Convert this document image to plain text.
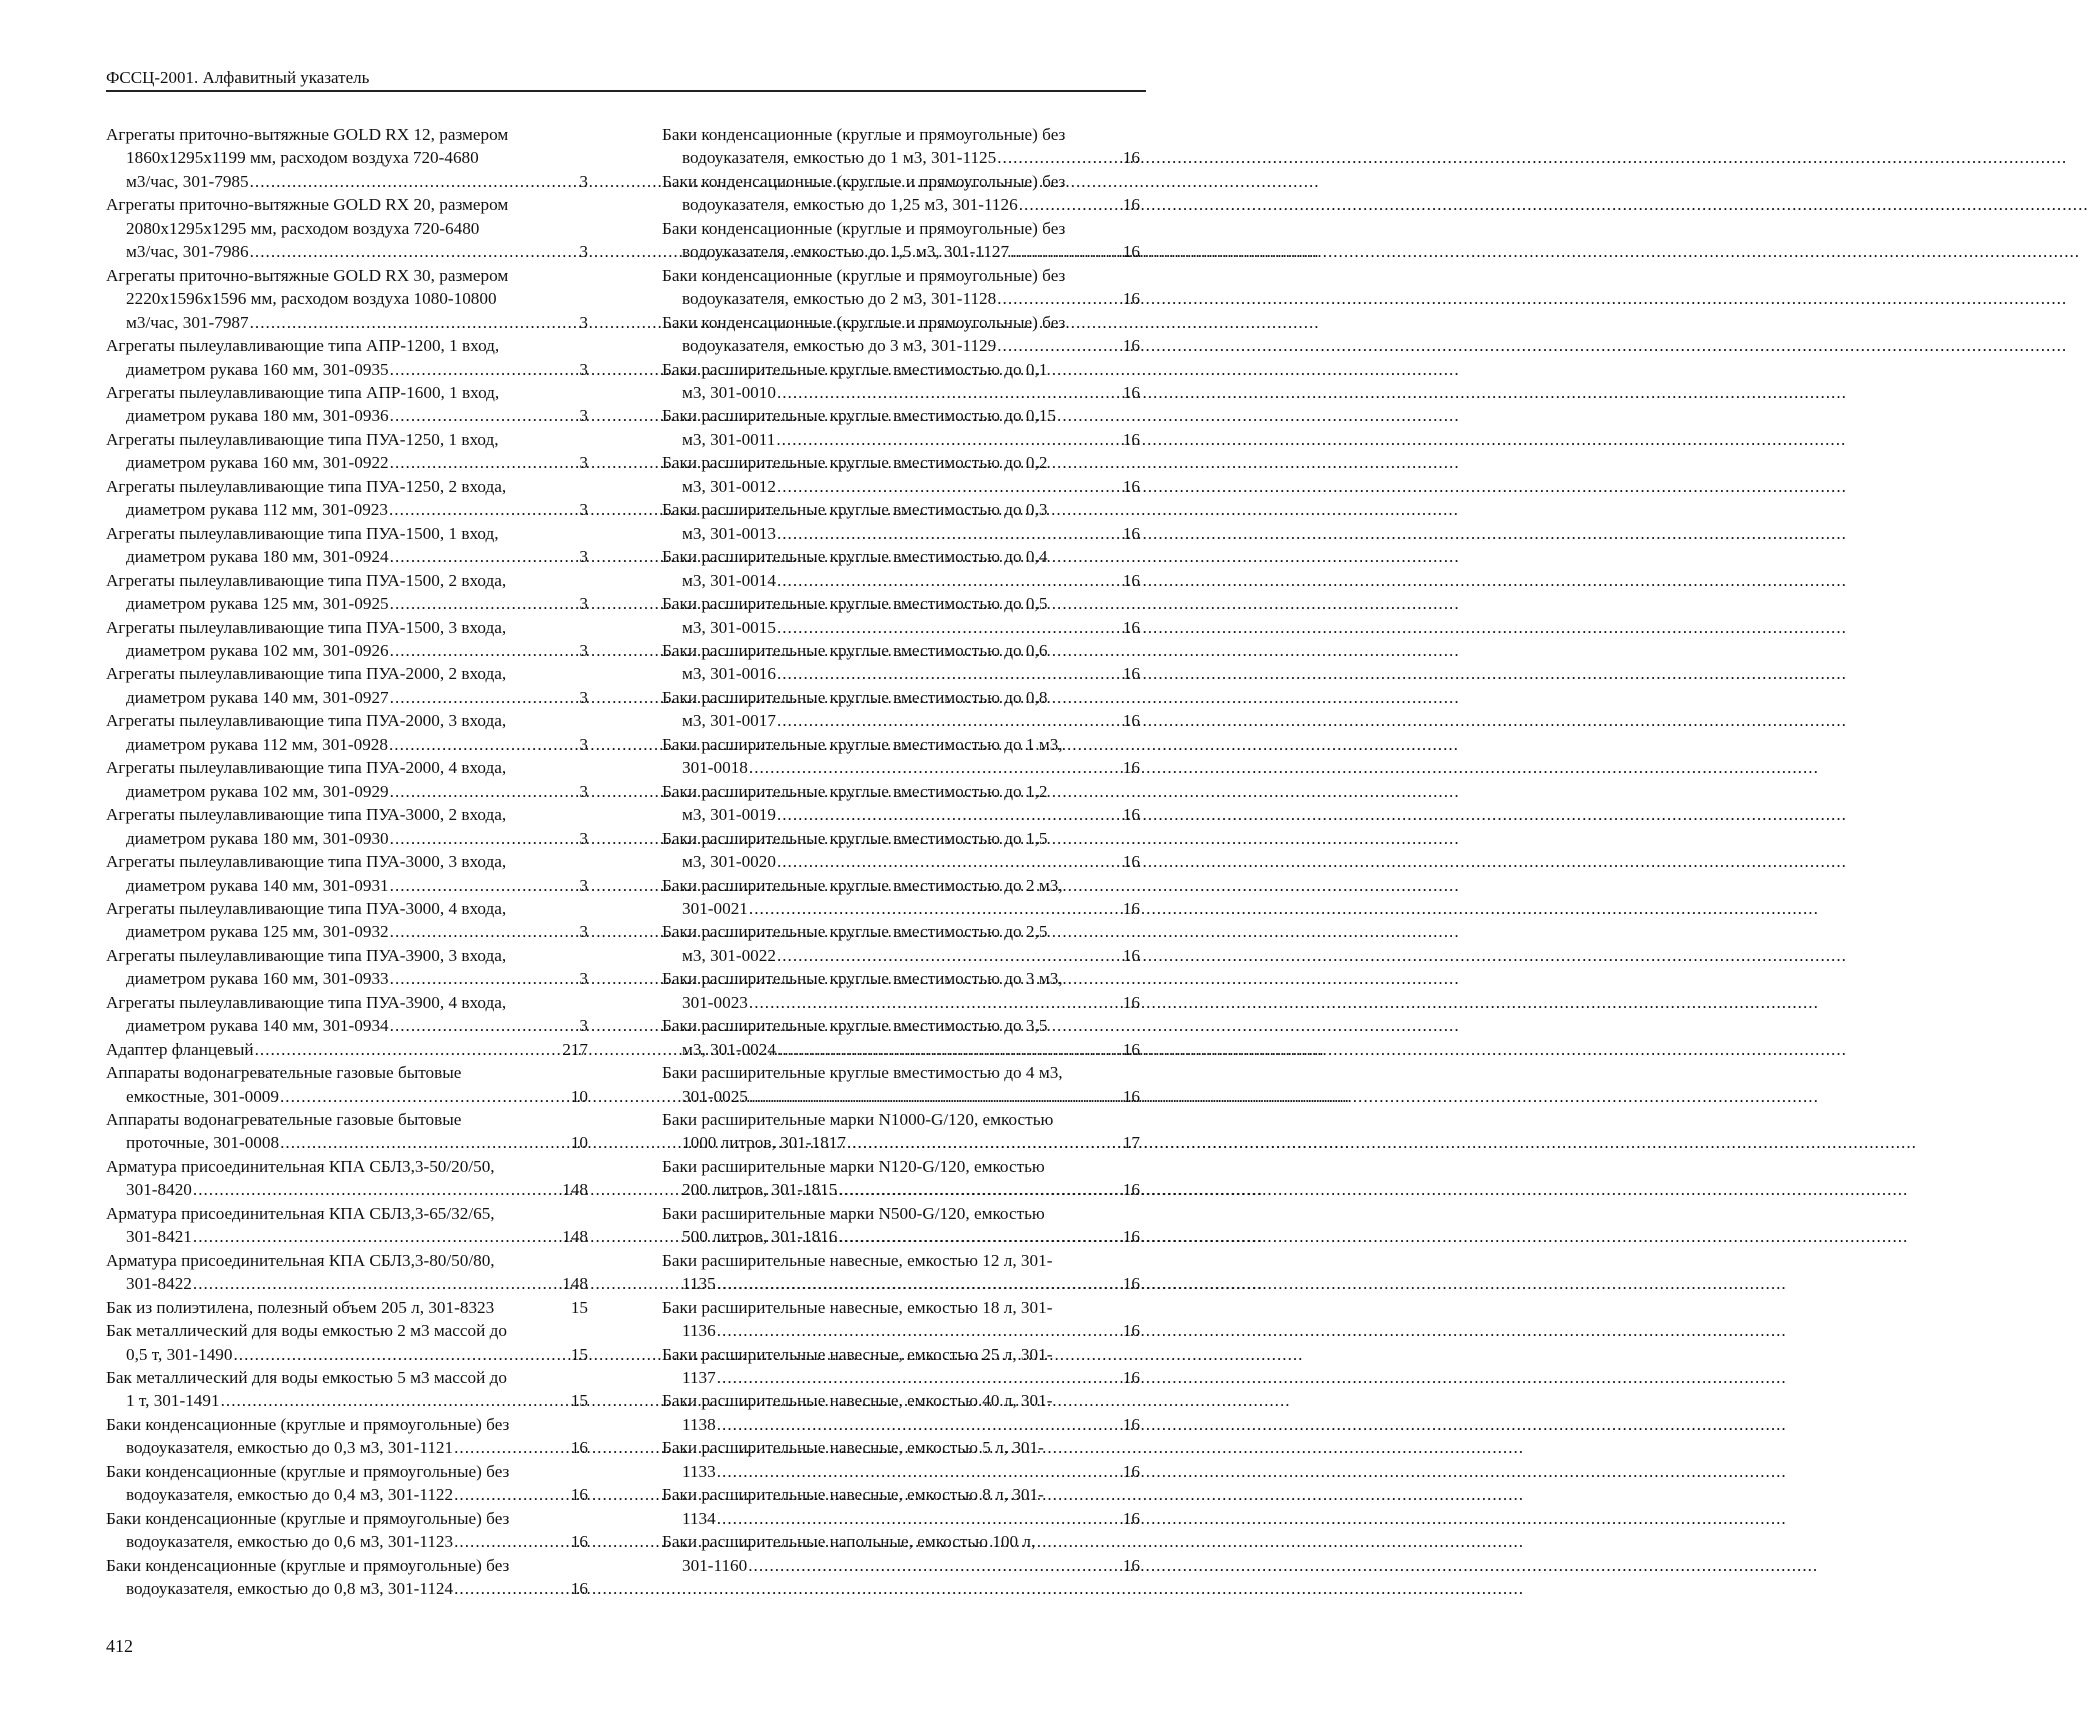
ФССЦ-2001. Алфавитный указатель
Агрегаты приточно-вытяжные GOLD RX 12, размером
1860x1295x1199 мм, расходом воздуха 720-4680
м3/час, 301-7985 .....	3
Агрегаты приточно-вытяжные GOLD RX 20, размером
2080x1295x1295 мм, расходом воздуха 720-6480
м3/час, 301-7986 .....	3
Агрегаты приточно-вытяжные GOLD RX 30, размером
2220x1596x1596 мм, расходом воздуха 1080-10800
м3/час, 301-7987 .....	3
Агрегаты пылеулавливающие типа АПР-1200, 1 вход,
диаметром рукава 160 мм, 301-0935 .....	3
Агрегаты пылеулавливающие типа АПР-1600, 1 вход,
диаметром рукава 180 мм, 301-0936 .....	3
Агрегаты пылеулавливающие типа ПУА-1250, 1 вход,
диаметром рукава 160 мм, 301-0922 .....	3
Агрегаты пылеулавливающие типа ПУА-1250, 2 входа,
диаметром рукава 112 мм, 301-0923 .....	3
Агрегаты пылеулавливающие типа ПУА-1500, 1 вход,
диаметром рукава 180 мм, 301-0924 .....	3
Агрегаты пылеулавливающие типа ПУА-1500, 2 входа,
диаметром рукава 125 мм, 301-0925 .....	3
Агрегаты пылеулавливающие типа ПУА-1500, 3 входа,
диаметром рукава 102 мм, 301-0926 .....	3
Агрегаты пылеулавливающие типа ПУА-2000, 2 входа,
диаметром рукава 140 мм, 301-0927 .....	3
Агрегаты пылеулавливающие типа ПУА-2000, 3 входа,
диаметром рукава 112 мм, 301-0928 .....	3
Агрегаты пылеулавливающие типа ПУА-2000, 4 входа,
диаметром рукава 102 мм, 301-0929 .....	3
Агрегаты пылеулавливающие типа ПУА-3000, 2 входа,
диаметром рукава 180 мм, 301-0930 .....	3
Агрегаты пылеулавливающие типа ПУА-3000, 3 входа,
диаметром рукава 140 мм, 301-0931 .....	3
Агрегаты пылеулавливающие типа ПУА-3000, 4 входа,
диаметром рукава 125 мм, 301-0932 .....	3
Агрегаты пылеулавливающие типа ПУА-3900, 3 входа,
диаметром рукава 160 мм, 301-0933 .....	3
Агрегаты пылеулавливающие типа ПУА-3900, 4 входа,
диаметром рукава 140 мм, 301-0934 .....	3
Адаптер фланцевый .....	217
Аппараты водонагревательные газовые бытовые
емкостные, 301-0009 .....	10
Аппараты водонагревательные газовые бытовые
проточные, 301-0008 .....	10
Арматура присоединительная КПА СБЛ3,3-50/20/50,
301-8420 .....	148
Арматура присоединительная КПА СБЛ3,3-65/32/65,
301-8421 .....	148
Арматура присоединительная КПА СБЛ3,3-80/50/80,
301-8422 .....	148
Бак из полиэтилена, полезный объем 205 л, 301-8323	15
Бак металлический для воды емкостью 2 м3 массой до
0,5 т, 301-1490 .....	15
Бак металлический для воды емкостью 5 м3 массой до
1 т, 301-1491 .....	15
Баки конденсационные (круглые и прямоугольные) без
водоуказателя, емкостью до 0,3 м3, 301-1121 .....	16
Баки конденсационные (круглые и прямоугольные) без
водоуказателя, емкостью до 0,4 м3, 301-1122 .....	16
Баки конденсационные (круглые и прямоугольные) без
водоуказателя, емкостью до 0,6 м3, 301-1123 .....	16
Баки конденсационные (круглые и прямоугольные) без
водоуказателя, емкостью до 0,8 м3, 301-1124 .....	16
Баки конденсационные (круглые и прямоугольные) без
водоуказателя, емкостью до 1 м3, 301-1125 .....	16
Баки конденсационные (круглые и прямоугольные) без
водоуказателя, емкостью до 1,25 м3, 301-1126 .....	16
Баки конденсационные (круглые и прямоугольные) без
водоуказателя, емкостью до 1,5 м3, 301-1127 .....	16
Баки конденсационные (круглые и прямоугольные) без
водоуказателя, емкостью до 2 м3, 301-1128 .....	16
Баки конденсационные (круглые и прямоугольные) без
водоуказателя, емкостью до 3 м3, 301-1129 .....	16
Баки расширительные круглые вместимостью до 0,1
м3, 301-0010 .....	16
Баки расширительные круглые вместимостью до 0,15
м3, 301-0011 .....	16
Баки расширительные круглые вместимостью до 0,2
м3, 301-0012 .....	16
Баки расширительные круглые вместимостью до 0,3
м3, 301-0013 .....	16
Баки расширительные круглые вместимостью до 0,4
м3, 301-0014 .....	16
Баки расширительные круглые вместимостью до 0,5
м3, 301-0015 .....	16
Баки расширительные круглые вместимостью до 0,6
м3, 301-0016 .....	16
Баки расширительные круглые вместимостью до 0,8
м3, 301-0017 .....	16
Баки расширительные круглые вместимостью до 1 м3,
301-0018 .....	16
Баки расширительные круглые вместимостью до 1,2
м3, 301-0019 .....	16
Баки расширительные круглые вместимостью до 1,5
м3, 301-0020 .....	16
Баки расширительные круглые вместимостью до 2 м3,
301-0021 .....	16
Баки расширительные круглые вместимостью до 2,5
м3, 301-0022 .....	16
Баки расширительные круглые вместимостью до 3 м3,
301-0023 .....	16
Баки расширительные круглые вместимостью до 3,5
м3, 301-0024 .....	16
Баки расширительные круглые вместимостью до 4 м3,
301-0025 .....	16
Баки расширительные марки N1000-G/120, емкостью
1000 литров, 301-1817 .....	17
Баки расширительные марки N120-G/120, емкостью
200 литров, 301-1815 .....	16
Баки расширительные марки N500-G/120, емкостью
500 литров, 301-1816 .....	16
Баки расширительные навесные, емкостью 12 л, 301-
1135 .....	16
Баки расширительные навесные, емкостью 18 л, 301-
1136 .....	16
Баки расширительные навесные, емкостью 25 л, 301-
1137 .....	16
Баки расширительные навесные, емкостью 40 л, 301-
1138 .....	16
Баки расширительные навесные, емкостью 5 л, 301-
1133 .....	16
Баки расширительные навесные, емкостью 8 л, 301-
1134 .....	16
Баки расширительные напольные, емкостью 100 л,
301-1160 .....	16
412
